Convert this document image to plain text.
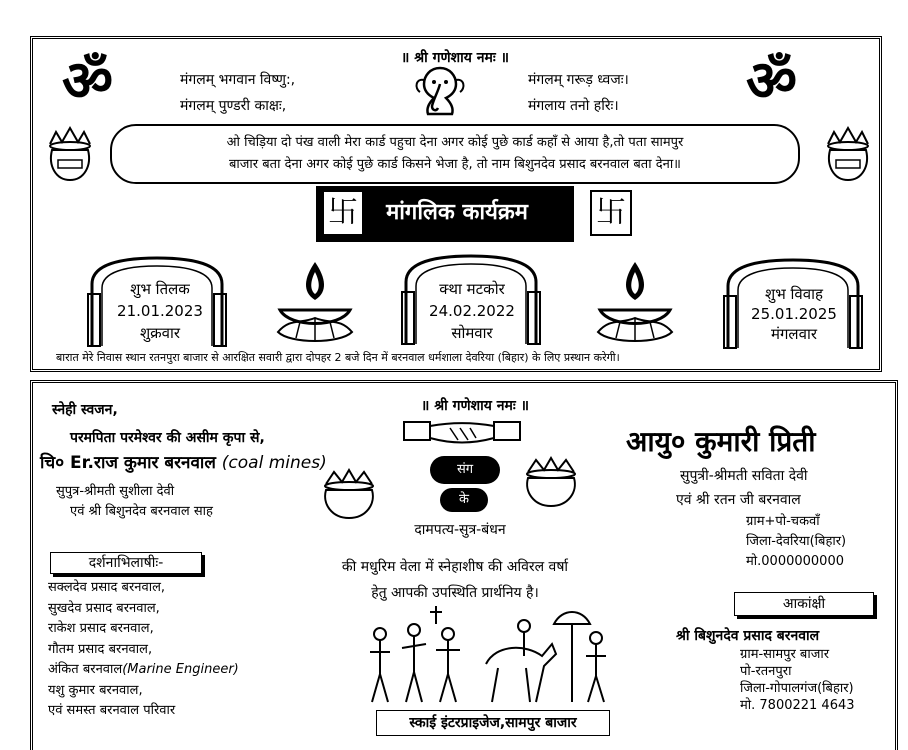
॥ श्री गणेशाय नमः ॥
ॐ	ॐ
मंगलम् भगवान विष्णु:,
मंगलम् पुण्डरी काक्षः,
मंगलम् गरूड़ ध्वजः।
मंगलाय तनो हरिः।
ओ चिड़िया दो पंख वाली मेरा कार्ड पहुचा देना अगर कोई पुछे कार्ड कहाँ से आया है,तो पता सामपुर
बाजार बता देना अगर कोई पुछे कार्ड किसने भेजा है, तो नाम बिशुनदेव प्रसाद बरनवाल बता देना॥
卐	卐
मांगलिक कार्यक्रम
शुभ तिलक
21.01.2023
शुक्रवार
क्था मटकोर
24.02.2022
सोमवार
शुभ विवाह
25.01.2025
मंगलवार
बारात मेरे निवास स्थान रतनपुरा बाजार से आरक्षित सवारी द्वारा दोपहर 2 बजे दिन में बरनवाल धर्मशाला देवरिया (बिहार) के लिए प्रस्थान करेगी।
॥ श्री गणेशाय नमः ॥
स्नेही स्वजन,
परमपिता परमेश्वर की असीम कृपा से,
चि० Er.राज कुमार बरनवाल (coal mines)
सुपुत्र-श्रीमती सुशीला देवी
एवं श्री बिशुनदेव बरनवाल साह
संग
के
दामपत्य-सुत्र-बंधन
की मधुरिम वेला में स्नेहाशीष की अविरल वर्षा
हेतु आपकी उपस्थिति प्रार्थनिय है।
आयु० कुमारी प्रिती
सुपुत्री-श्रीमती सविता देवी
एवं श्री रतन जी बरनवाल
ग्राम+पो-चकवाँ
जिला-देवरिया(बिहार)
मो.0000000000
दर्शनाभिलाषीः-
सक्लदेव प्रसाद बरनवाल,
सुखदेव प्रसाद बरनवाल,
राकेश प्रसाद बरनवाल,
गौतम प्रसाद बरनवाल,
अंकित बरनवाल(Marine Engineer)
यशु कुमार बरनवाल,
एवं समस्त बरनवाल परिवार
आकांक्षी
श्री बिशुनदेव प्रसाद बरनवाल
ग्राम-सामपुर बाजार
पो-रतनपुरा
जिला-गोपालगंज(बिहार)
मो. 7800221 4643
स्काई इंटरप्राइजेज,सामपुर बाजार
